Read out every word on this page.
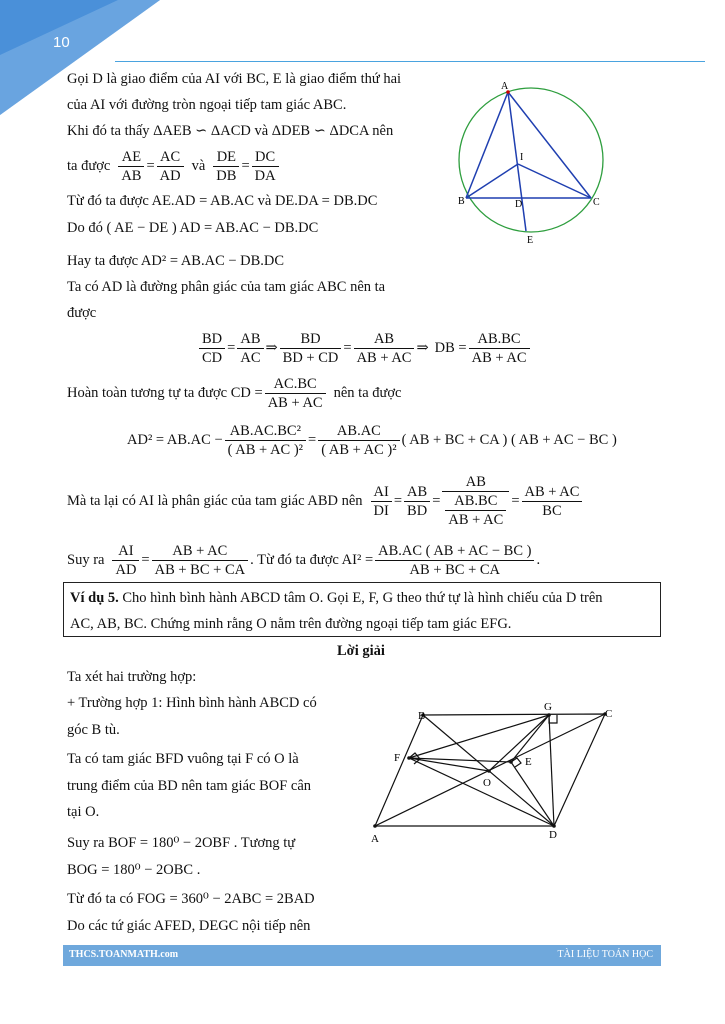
10
A
B	C
D
E
I
Gọi D là giao điểm của AI với BC, E là giao điểm thứ hai
của AI với đường tròn ngoại tiếp tam giác ABC.
Khi đó ta thấy ΔAEB ∽ ΔACD và ΔDEB ∽ ΔDCA nên
ta được $\frac{AE}{AB} = \frac{AC}{AD}$ và $\frac{DE}{DB} = \frac{DC}{DA}$
Từ đó ta được AE.AD = AB.AC và DE.DA = DB.DC
Do đó ( AE − DE ) AD = AB.AC − DB.DC
Hay ta được AD² = AB.AC − DB.DC
Ta có AD là đường phân giác của tam giác ABC nên ta
được
$\frac{BD}{CD} = \frac{AB}{AC}$ ⇒ $\frac{BD}{BD + CD} = \frac{AB}{AB + AC}$ ⇒ DB = $\frac{AB.BC}{AB + AC}$
Hoàn toàn tương tự ta được CD = $\frac{AC.BC}{AB + AC}$ nên ta được
$AD^2 = AB.AC - \frac{\text{AB.AC.BC²}}{\text{( AB + AC )²}} = \frac{AB.AC}{\text{( AB + AC )²}}$ ( AB + BC + CA ) ( AB + AC − BC )
Mà ta lại có AI là phân giác của tam giác ABD nên $\frac{AI}{DI} = \frac{AB}{BD} = \frac{AB}{\frac{AB.BC}{AB + AC}} = \frac{AB + AC}{BC}$
Suy ra $\frac{AI}{AD} = \frac{AB + AC}{AB + BC + CA}$ . Từ đó ta được $AI^2 = \frac{AB.AC ( AB + AC - BC )}{AB + BC + CA}$ .
Ví dụ 5. Cho hình bình hành ABCD tâm O. Gọi E, F, G theo thứ tự là hình chiếu của D trên
AC, AB, BC. Chứng minh rằng O nằm trên đường ngoại tiếp tam giác EFG.
Lời giải
Ta xét hai trường hợp:
+ Trường hợp 1: Hình bình hành ABCD có
góc B tù.
Ta có tam giác BFD vuông tại F có O là
trung điểm của BD nên tam giác BOF cân
tại O.
Suy ra BOF = 180⁰ − 2OBF . Tương tự
BOG = 180⁰ − 2OBC .
Từ đó ta có FOG = 360⁰ − 2ABC = 2BAD
Do các tứ giác AFED, DEGC nội tiếp nên
B	C
G
F	E
O
A	D
THCS.TOANMATH.com	TÀI LIỆU TOÁN HỌC
